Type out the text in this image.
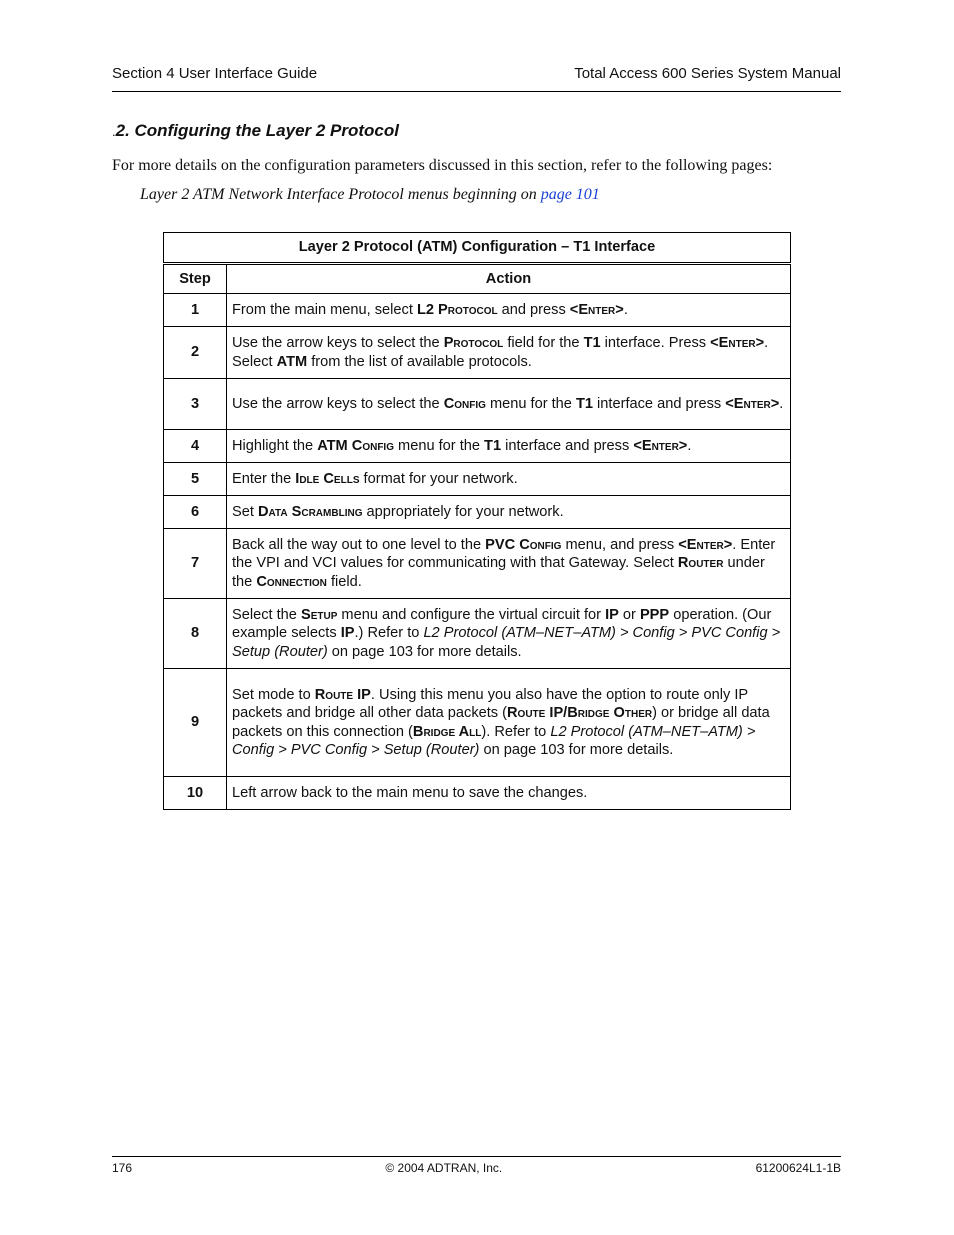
Section 4 User Interface Guide	Total Access 600 Series System Manual
.2. Configuring the Layer 2 Protocol
For more details on the configuration parameters discussed in this section, refer to the following pages:
Layer 2 ATM Network Interface Protocol menus beginning on page 101
Layer 2 Protocol (ATM) Configuration – T1 Interface	
Step	Action
1	From the main menu, select L2 Protocol and press <Enter>.
2	Use the arrow keys to select the Protocol field for the T1 interface. Press <Enter>. Select ATM from the list of available protocols.
3	Use the arrow keys to select the Config menu for the T1 interface and press <Enter>.
4	Highlight the ATM Config menu for the T1 interface and press <Enter>.
5	Enter the Idle Cells format for your network.
6	Set Data Scrambling appropriately for your network.
7	Back all the way out to one level to the PVC Config menu, and press <Enter>. Enter the VPI and VCI values for communicating with that Gateway. Select Router under the Connection field.
8	Select the Setup menu and configure the virtual circuit for IP or PPP operation. (Our example selects IP.) Refer to L2 Protocol (ATM–NET–ATM) > Config > PVC Config > Setup (Router) on page 103 for more details.
9	Set mode to Route IP. Using this menu you also have the option to route only IP packets and bridge all other data packets (Route IP/Bridge Other) or bridge all data packets on this connection (Bridge All). Refer to L2 Protocol (ATM–NET–ATM) > Config > PVC Config > Setup (Router) on page 103 for more details.
10	Left arrow back to the main menu to save the changes.
176	© 2004 ADTRAN, Inc.	61200624L1-1B
